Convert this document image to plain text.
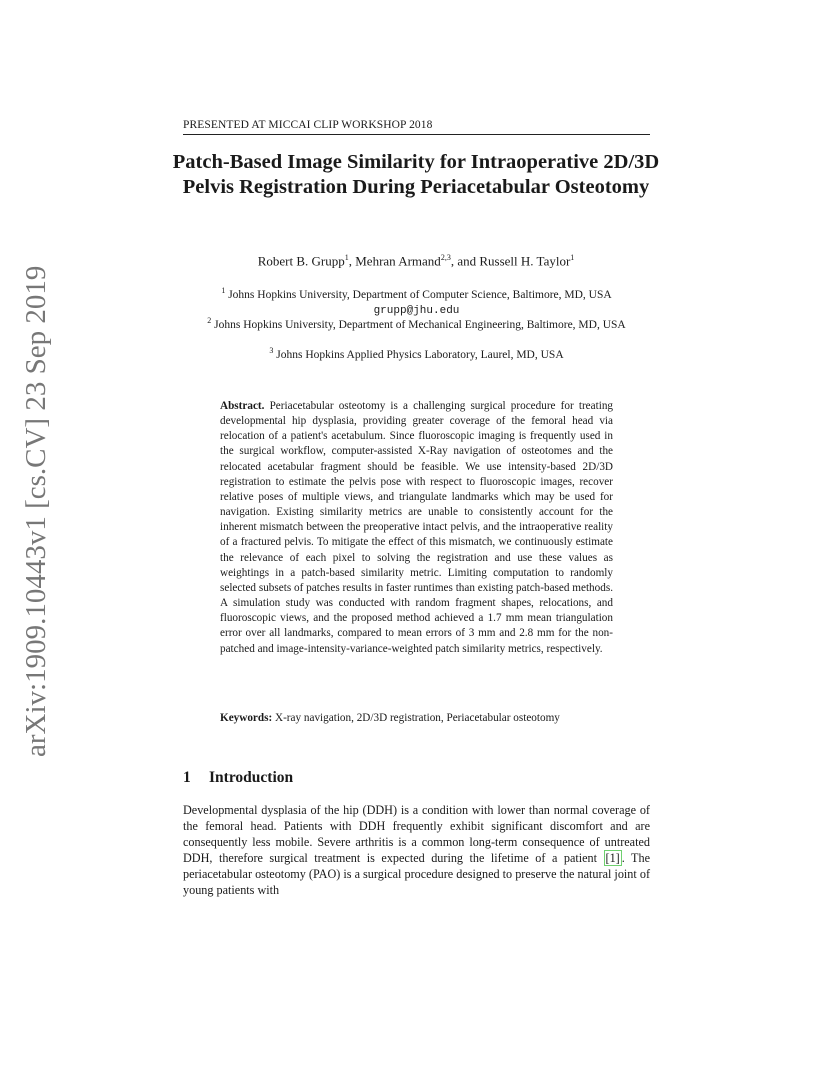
arXiv:1909.10443v1 [cs.CV] 23 Sep 2019
PRESENTED AT MICCAI CLIP WORKSHOP 2018
Patch-Based Image Similarity for Intraoperative 2D/3D Pelvis Registration During Periacetabular Osteotomy
Robert B. Grupp$^1$, Mehran Armand$^{2,3}$, and Russell H. Taylor$^1$
$^1$ Johns Hopkins University, Department of Computer Science, Baltimore, MD, USA
grupp@jhu.edu
$^2$ Johns Hopkins University, Department of Mechanical Engineering, Baltimore, MD, USA
$^3$ Johns Hopkins Applied Physics Laboratory, Laurel, MD, USA
Abstract. Periacetabular osteotomy is a challenging surgical procedure for treating developmental hip dysplasia, providing greater coverage of the femoral head via relocation of a patient's acetabulum. Since fluoroscopic imaging is frequently used in the surgical workflow, computer-assisted X-Ray navigation of osteotomes and the relocated acetabular fragment should be feasible. We use intensity-based 2D/3D registration to estimate the pelvis pose with respect to fluoroscopic images, recover relative poses of multiple views, and triangulate landmarks which may be used for navigation. Existing similarity metrics are unable to consistently account for the inherent mismatch between the preoperative intact pelvis, and the intraoperative reality of a fractured pelvis. To mitigate the effect of this mismatch, we continuously estimate the relevance of each pixel to solving the registration and use these values as weightings in a patch-based similarity metric. Limiting computation to randomly selected subsets of patches results in faster runtimes than existing patch-based methods. A simulation study was conducted with random fragment shapes, relocations, and fluoroscopic views, and the proposed method achieved a 1.7 mm mean triangulation error over all landmarks, compared to mean errors of 3 mm and 2.8 mm for the non-patched and image-intensity-variance-weighted patch similarity metrics, respectively.
Keywords: X-ray navigation, 2D/3D registration, Periacetabular osteotomy
1 Introduction
Developmental dysplasia of the hip (DDH) is a condition with lower than normal coverage of the femoral head. Patients with DDH frequently exhibit significant discomfort and are consequently less mobile. Severe arthritis is a common long-term consequence of untreated DDH, therefore surgical treatment is expected during the lifetime of a patient [1] . The periacetabular osteotomy (PAO) is a surgical procedure designed to preserve the natural joint of young patients with
